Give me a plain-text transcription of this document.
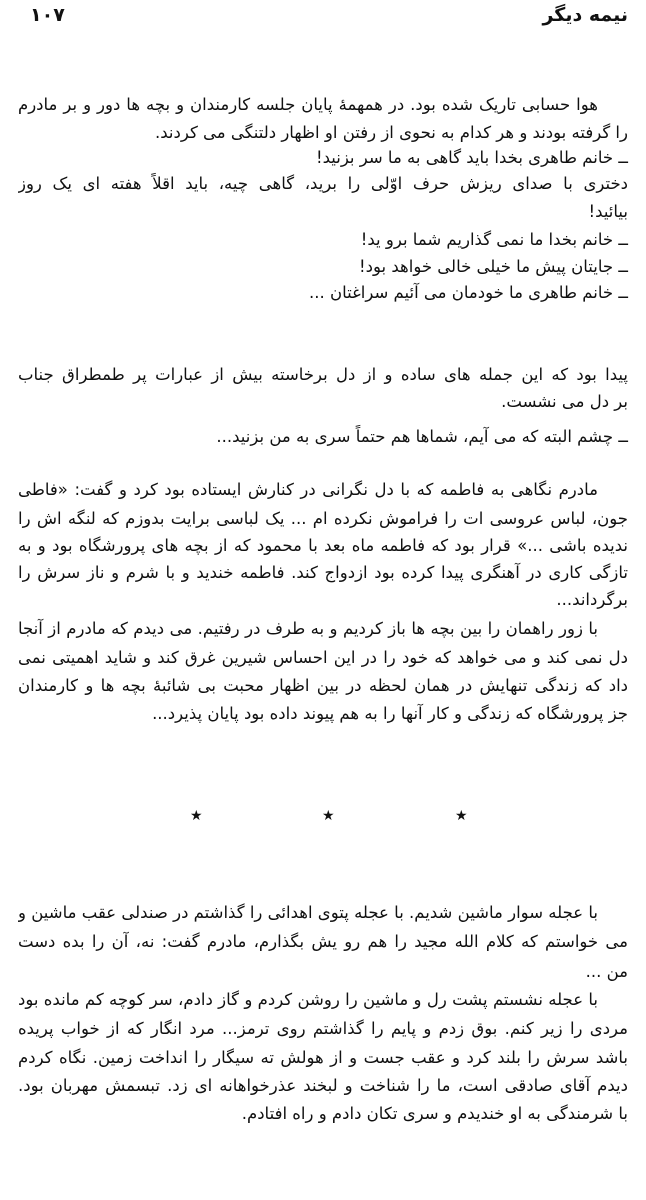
نیمه دیگر
۱۰۷
هوا حسابی تاریک شده بود. در همهمهٔ پایان جلسه کارمندان و بچه ها دور و بر مادرم
را گرفته بودند و هر کدام به نحوی از رفتن او اظهار دلتنگی می کردند.
ــ خانم طاهری بخدا باید گاهی به ما سر بزنید!
دختری با صدای ریزش حرف اوّلی را برید، گاهی چیه، باید اقلاً هفته ای یک روز
بیائید!
ــ خانم بخدا ما نمی گذاریم شما برو ید!
ــ جایتان پیش ما خیلی خالی خواهد بود!
ــ خانم طاهری ما خودمان می آئیم سراغتان ...
پیدا بود که این جمله های ساده و از دل برخاسته بیش از عبارات پر طمطراق جناب
بر دل می نشست.
ــ چشم البته که می آیم، شماها هم حتماً سری به من بزنید...
مادرم نگاهی به فاطمه که با دل نگرانی در کنارش ایستاده بود کرد و گفت: «فاطی
جون، لباس عروسی ات را فراموش نکرده ام ... یک لباسی برایت بدوزم که لنگه اش را
ندیده باشی ...» قرار بود که فاطمه ماه بعد با محمود که از بچه های پرورشگاه بود و به
تازگی کاری در آهنگری پیدا کرده بود ازدواج کند. فاطمه خندید و با شرم و ناز سرش را
برگرداند...
با زور راهمان را بین بچه ها باز کردیم و به طرف در رفتیم. می دیدم که مادرم از آنجا
دل نمی کند و می خواهد که خود را در این احساس شیرین غرق کند و شاید اهمیتی نمی
داد که زندگی تنهایش در همان لحظه در بین اظهار محبت بی شائبهٔ بچه ها و کارمندان
جز پرورشگاه که زندگی و کار آنها را به هم پیوند داده بود پایان پذیرد...
★	★	★
با عجله سوار ماشین شدیم. با عجله پتوی اهدائی را گذاشتم در صندلی عقب ماشین و
می خواستم که کلام الله مجید را هم رو یش بگذارم، مادرم گفت: نه، آن را بده دست
من ...
با عجله نشستم پشت رل و ماشین را روشن کردم و گاز دادم، سر کوچه کم مانده بود
مردی را زیر کنم. بوق زدم و پایم را گذاشتم روی ترمز... مرد انگار که از خواب پریده
باشد سرش را بلند کرد و عقب جست و از هولش ته سیگار را انداخت زمین. نگاه کردم
دیدم آقای صادقی است، ما را شناخت و لبخند عذرخواهانه ای زد. تبسمش مهربان بود.
با شرمندگی به او خندیدم و سری تکان دادم و راه افتادم.
